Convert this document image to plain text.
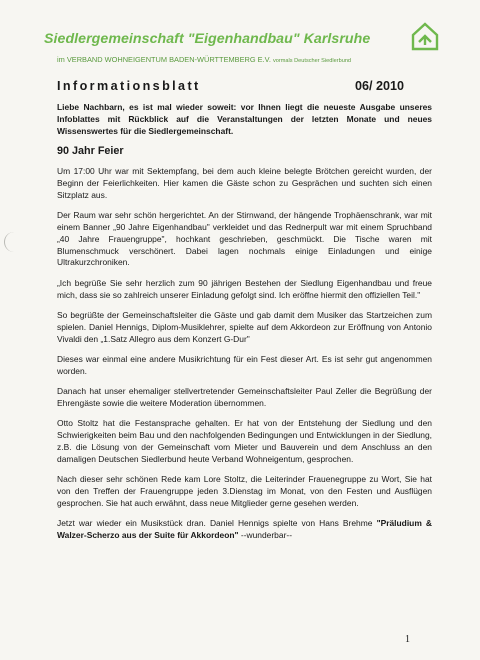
Siedlergemeinschaft "Eigenhandbau" Karlsruhe
im VERBAND WOHNEIGENTUM BADEN-WÜRTTEMBERG E.V. vormals Deutscher Siedlerbund
Informationsblatt	06/ 2010

Liebe Nachbarn, es ist mal wieder soweit: vor Ihnen liegt die neueste Ausgabe unseres Infoblattes mit Rückblick auf die Veranstaltungen der letzten Monate und neues Wissenswertes für die Siedlergemeinschaft.

90 Jahr Feier

Um 17:00 Uhr war mit Sektempfang, bei dem auch kleine belegte Brötchen gereicht wurden, der Beginn der Feierlichkeiten. Hier kamen die Gäste schon zu Gesprächen und suchten sich einen Sitzplatz aus.

Der Raum war sehr schön hergerichtet. An der Stirnwand, der hängende Trophäenschrank, war mit einem Banner „90 Jahre Eigenhandbau" verkleidet und das Rednerpult war mit einem Spruchband „40 Jahre Frauengruppe", hochkant geschrieben, geschmückt. Die Tische waren mit Blumenschmuck verschönert. Dabei lagen nochmals einige Einladungen und einige Ultrakurzchroniken.

„Ich begrüße Sie sehr herzlich zum 90 jährigen Bestehen der Siedlung Eigenhandbau und freue mich, dass sie so zahlreich unserer Einladung gefolgt sind. Ich eröffne hiermit den offiziellen Teil."

So begrüßte der Gemeinschaftsleiter die Gäste und gab damit dem Musiker das Startzeichen zum spielen. Daniel Hennigs, Diplom-Musiklehrer, spielte auf dem Akkordeon zur Eröffnung von Antonio Vivaldi den „1.Satz Allegro aus dem Konzert G-Dur"

Dieses war einmal eine andere Musikrichtung für ein Fest dieser Art. Es ist sehr gut angenommen worden.

Danach hat unser ehemaliger stellvertretender Gemeinschaftsleiter Paul Zeller die Begrüßung der Ehrengäste sowie die weitere Moderation übernommen.

Otto Stoltz hat die Festansprache gehalten. Er hat von der Entstehung der Siedlung und den Schwierigkeiten beim Bau und den nachfolgenden Bedingungen und Entwicklungen in der Siedlung, z.B. die Lösung von der Gemeinschaft vom Mieter und Bauverein und dem Anschluss an den damaligen Deutschen Siedlerbund heute Verband Wohneigentum, gesprochen.

Nach dieser sehr schönen Rede kam Lore Stoltz, die Leiterinder Frauenegruppe zu Wort, Sie hat von den Treffen der Frauengruppe jeden 3.Dienstag im Monat, von den Festen und Ausflügen gesprochen. Sie hat auch erwähnt, dass neue Mitglieder gerne gesehen werden.

Jetzt war wieder ein Musikstück dran. Daniel Hennigs spielte von Hans Brehme "Präludium & Walzer-Scherzo aus der Suite für Akkordeon" --wunderbar--

1
